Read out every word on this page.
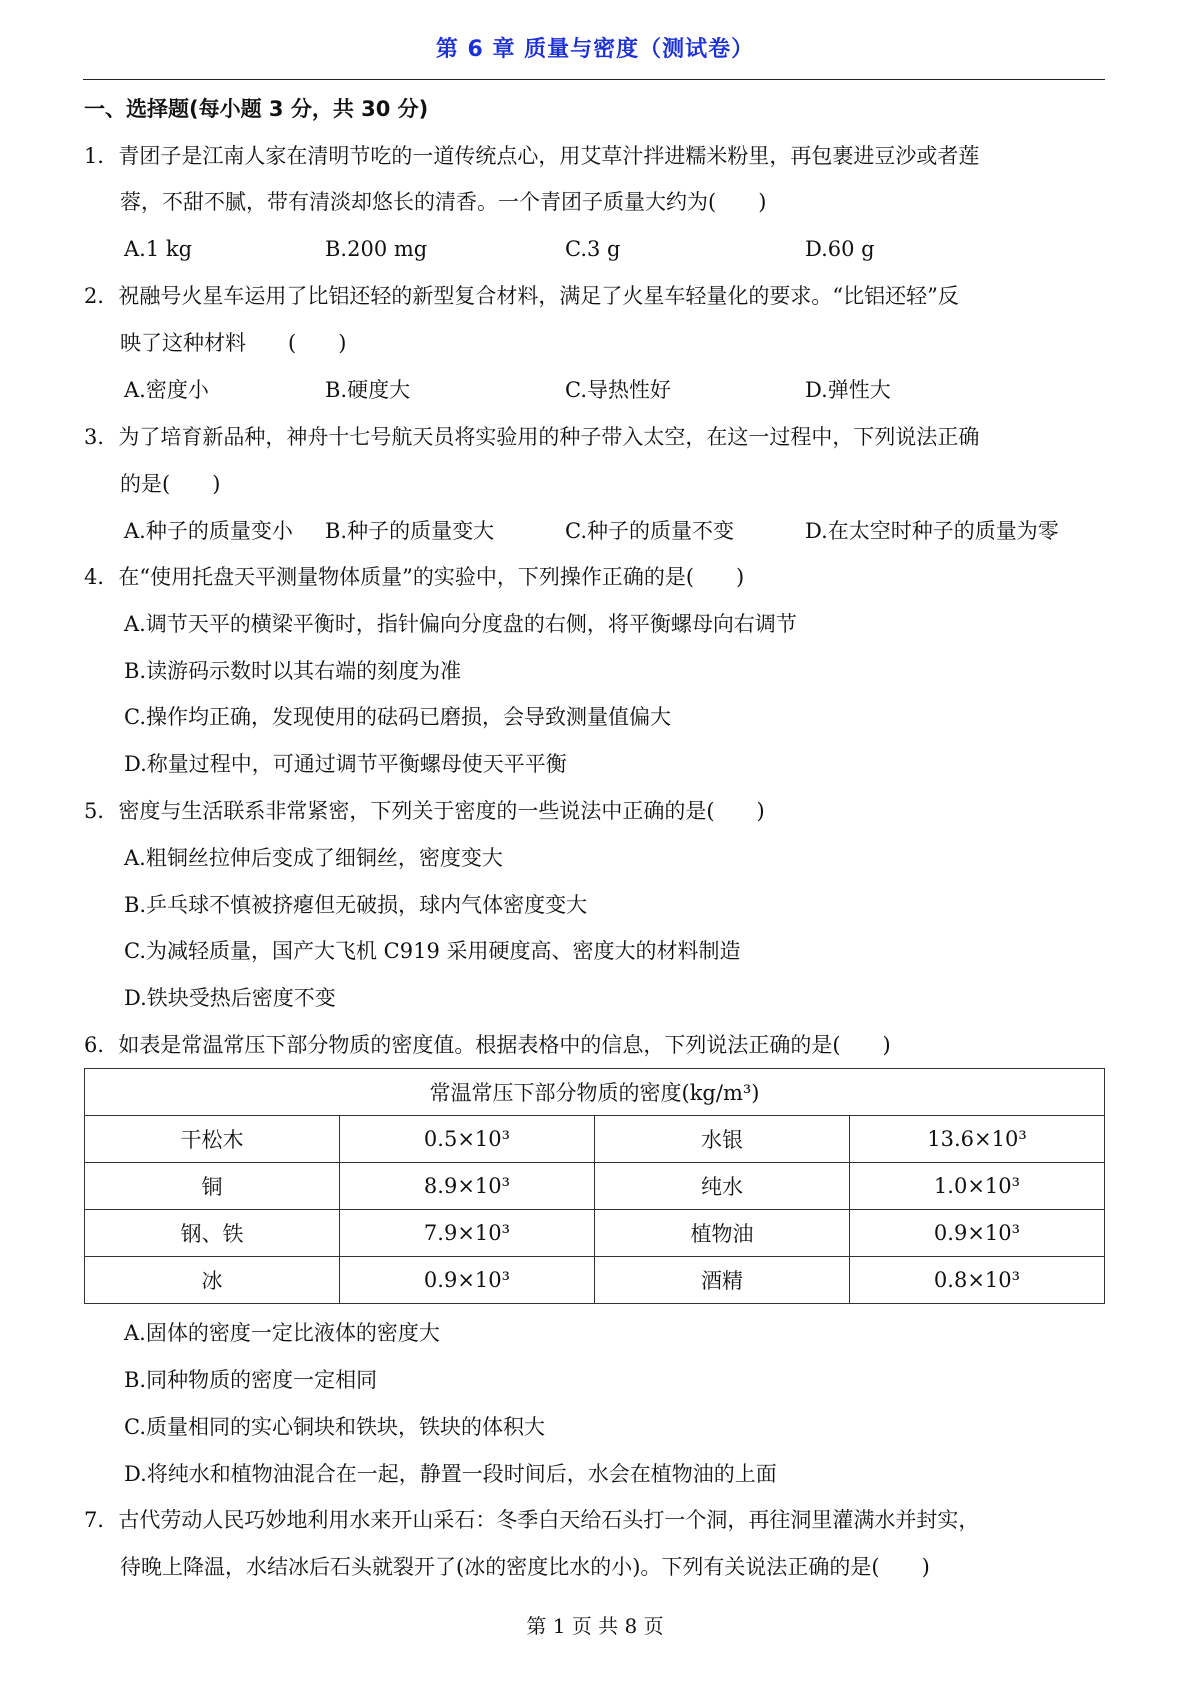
第 6 章 质量与密度（测试卷）
一、选择题(每小题 3 分，共 30 分)
1．青团子是江南人家在清明节吃的一道传统点心，用艾草汁拌进糯米粉里，再包裹进豆沙或者莲
蓉，不甜不腻，带有清淡却悠长的清香。一个青团子质量大约为(　　)
A.1 kg	B.200 mg	C.3 g	D.60 g
2．祝融号火星车运用了比铝还轻的新型复合材料，满足了火星车轻量化的要求。“比铝还轻”反
映了这种材料　　(　　)
A.密度小	B.硬度大	C.导热性好	D.弹性大
3．为了培育新品种，神舟十七号航天员将实验用的种子带入太空，在这一过程中，下列说法正确
的是(　　)
A.种子的质量变小 B.种子的质量变大	C.种子的质量不变	D.在太空时种子的质量为零
4．在“使用托盘天平测量物体质量”的实验中，下列操作正确的是(　　)
A.调节天平的横梁平衡时，指针偏向分度盘的右侧，将平衡螺母向右调节
B.读游码示数时以其右端的刻度为准
C.操作均正确，发现使用的砝码已磨损，会导致测量值偏大
D.称量过程中，可通过调节平衡螺母使天平平衡
5．密度与生活联系非常紧密，下列关于密度的一些说法中正确的是(　　)
A.粗铜丝拉伸后变成了细铜丝，密度变大
B.乒乓球不慎被挤瘪但无破损，球内气体密度变大
C.为减轻质量，国产大飞机 C919 采用硬度高、密度大的材料制造
D.铁块受热后密度不变
6．如表是常温常压下部分物质的密度值。根据表格中的信息，下列说法正确的是(　　)
常温常压下部分物质的密度(kg/m³)			
干松木	0.5×10³	水银	13.6×10³
铜	8.9×10³	纯水	1.0×10³
钢、铁	7.9×10³	植物油	0.9×10³
冰	0.9×10³	酒精	0.8×10³
A.固体的密度一定比液体的密度大
B.同种物质的密度一定相同
C.质量相同的实心铜块和铁块，铁块的体积大
D.将纯水和植物油混合在一起，静置一段时间后，水会在植物油的上面
7．古代劳动人民巧妙地利用水来开山采石：冬季白天给石头打一个洞，再往洞里灌满水并封实，
待晚上降温，水结冰后石头就裂开了(冰的密度比水的小)。下列有关说法正确的是(　　)
第 1 页 共 8 页
